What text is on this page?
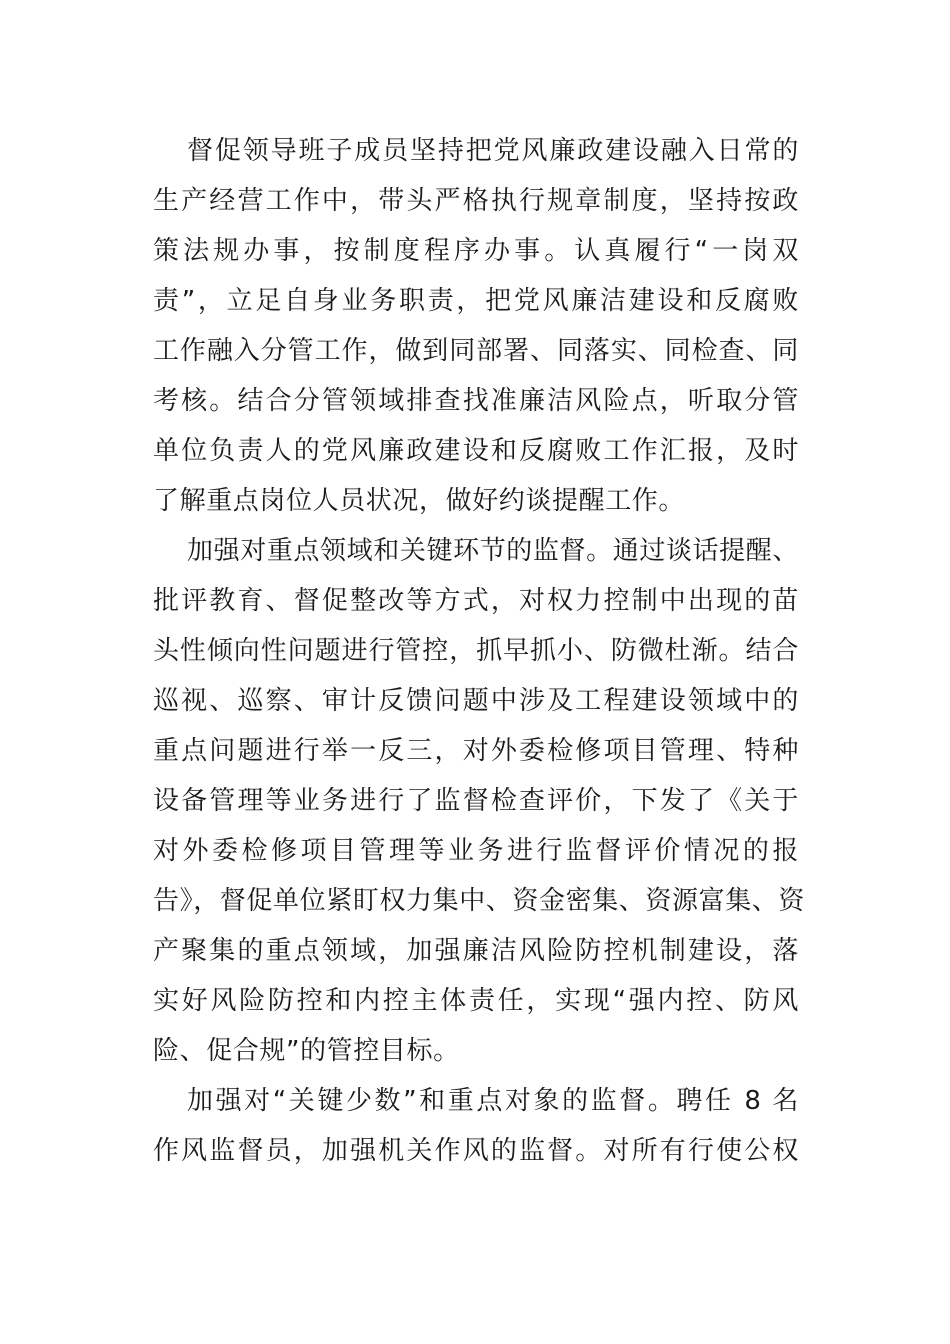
督促领导班子成员坚持把党风廉政建设融入日常的
生产经营工作中，带头严格执行规章制度，坚持按政
策法规办事，按制度程序办事。认真履行“一岗双
责”，立足自身业务职责，把党风廉洁建设和反腐败
工作融入分管工作，做到同部署、同落实、同检查、同
考核。结合分管领域排查找准廉洁风险点，听取分管
单位负责人的党风廉政建设和反腐败工作汇报，及时
了解重点岗位人员状况，做好约谈提醒工作。
加强对重点领域和关键环节的监督。通过谈话提醒、
批评教育、督促整改等方式，对权力控制中出现的苗
头性倾向性问题进行管控，抓早抓小、防微杜渐。结合
巡视、巡察、审计反馈问题中涉及工程建设领域中的
重点问题进行举一反三，对外委检修项目管理、特种
设备管理等业务进行了监督检查评价，下发了《关于
对外委检修项目管理等业务进行监督评价情况的报
告》，督促单位紧盯权力集中、资金密集、资源富集、资
产聚集的重点领域，加强廉洁风险防控机制建设，落
实好风险防控和内控主体责任，实现“强内控、防风
险、促合规”的管控目标。
加强对“关键少数”和重点对象的监督。聘任 8 名
作风监督员，加强机关作风的监督。对所有行使公权
